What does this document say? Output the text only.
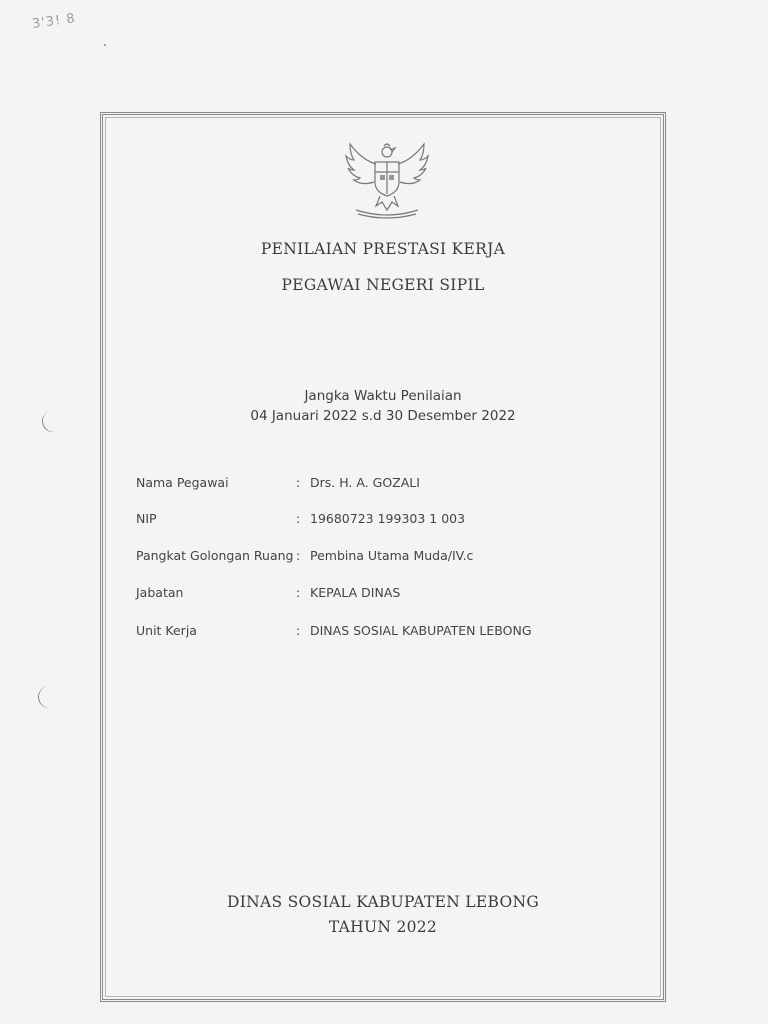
3'3! 8
PENILAIAN PRESTASI KERJA
PEGAWAI NEGERI SIPIL
Jangka Waktu Penilaian
04 Januari 2022 s.d 30 Desember 2022
Nama Pegawai	: Drs. H. A. GOZALI
NIP	: 19680723 199303 1 003
Pangkat Golongan Ruang : Pembina Utama Muda/IV.c
Jabatan	: KEPALA DINAS
Unit Kerja	: DINAS SOSIAL KABUPATEN LEBONG
DINAS SOSIAL KABUPATEN LEBONG
TAHUN 2022
